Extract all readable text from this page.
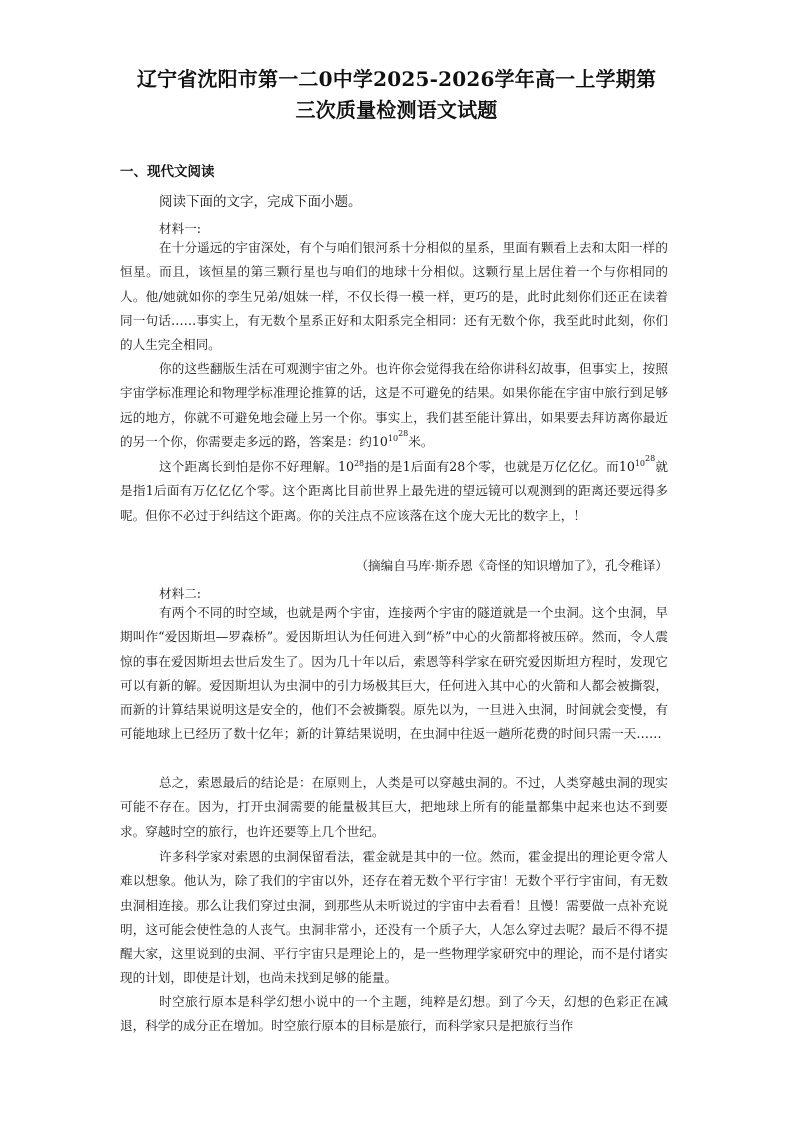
辽宁省沈阳市第一二0中学2025-2026学年高一上学期第
三次质量检测语文试题
一、现代文阅读
阅读下面的文字，完成下面小题。
材料一:

在十分遥远的宇宙深处，有个与咱们银河系十分相似的星系，里面有颗看上去和太阳一样的恒星。而且，该恒星的第三颗行星也与咱们的地球十分相似。这颗行星上居住着一个与你相同的人。他/她就如你的孪生兄弟/姐妹一样，不仅长得一模一样，更巧的是，此时此刻你们还正在读着同一句话……事实上，有无数个星系正好和太阳系完全相同：还有无数个你，我至此时此刻，你们的人生完全相同。

你的这些翻版生活在可观测宇宙之外。也许你会觉得我在给你讲科幻故事，但事实上，按照宇宙学标准理论和物理学标准理论推算的话，这是不可避免的结果。如果你能在宇宙中旅行到足够远的地方，你就不可避免地会碰上另一个你。事实上，我们甚至能计算出，如果要去拜访离你最近的另一个你，你需要走多远的路，答案是：约$10^{10^{28}}$米。

这个距离长到怕是你不好理解。$10^{28}$指的是1后面有28个零，也就是万亿亿亿。而$10^{10^{28}}$就是指1后面有万亿亿亿个零。这个距离比目前世界上最先进的望远镜可以观测到的距离还要远得多呢。但你不必过于纠结这个距离。你的关注点不应该落在这个庞大无比的数字上，！

（摘编自马库·斯乔恩《奇怪的知识增加了》，孔令稚译）
材料二:

有两个不同的时空域，也就是两个宇宙，连接两个宇宙的隧道就是一个虫洞。这个虫洞，早期叫作“爱因斯坦—罗森桥”。爱因斯坦认为任何进入到“桥”中心的火箭都将被压碎。然而，令人震惊的事在爱因斯坦去世后发生了。因为几十年以后，索恩等科学家在研究爱因斯坦方程时，发现它可以有新的解。爱因斯坦认为虫洞中的引力场极其巨大，任何进入其中心的火箭和人都会被撕裂，而新的计算结果说明这是安全的，他们不会被撕裂。原先以为，一旦进入虫洞，时间就会变慢，有可能地球上已经历了数十亿年；新的计算结果说明，在虫洞中往返一趟所花费的时间只需一天……

总之，索恩最后的结论是：在原则上，人类是可以穿越虫洞的。不过，人类穿越虫洞的现实可能不存在。因为，打开虫洞需要的能量极其巨大，把地球上所有的能量都集中起来也达不到要求。穿越时空的旅行，也许还要等上几个世纪。

许多科学家对索恩的虫洞保留看法，霍金就是其中的一位。然而，霍金提出的理论更令常人难以想象。他认为，除了我们的宇宙以外，还存在着无数个平行宇宙！无数个平行宇宙间，有无数虫洞相连接。那么让我们穿过虫洞，到那些从未听说过的宇宙中去看看！且慢！需要做一点补充说明，这可能会使性急的人丧气。虫洞非常小，还没有一个质子大，人怎么穿过去呢？最后不得不提醒大家，这里说到的虫洞、平行宇宙只是理论上的，是一些物理学家研究中的理论，而不是付诸实现的计划，即使是计划，也尚未找到足够的能量。

时空旅行原本是科学幻想小说中的一个主题，纯粹是幻想。到了今天，幻想的色彩正在减退，科学的成分正在增加。时空旅行原本的目标是旅行，而科学家只是把旅行当作
